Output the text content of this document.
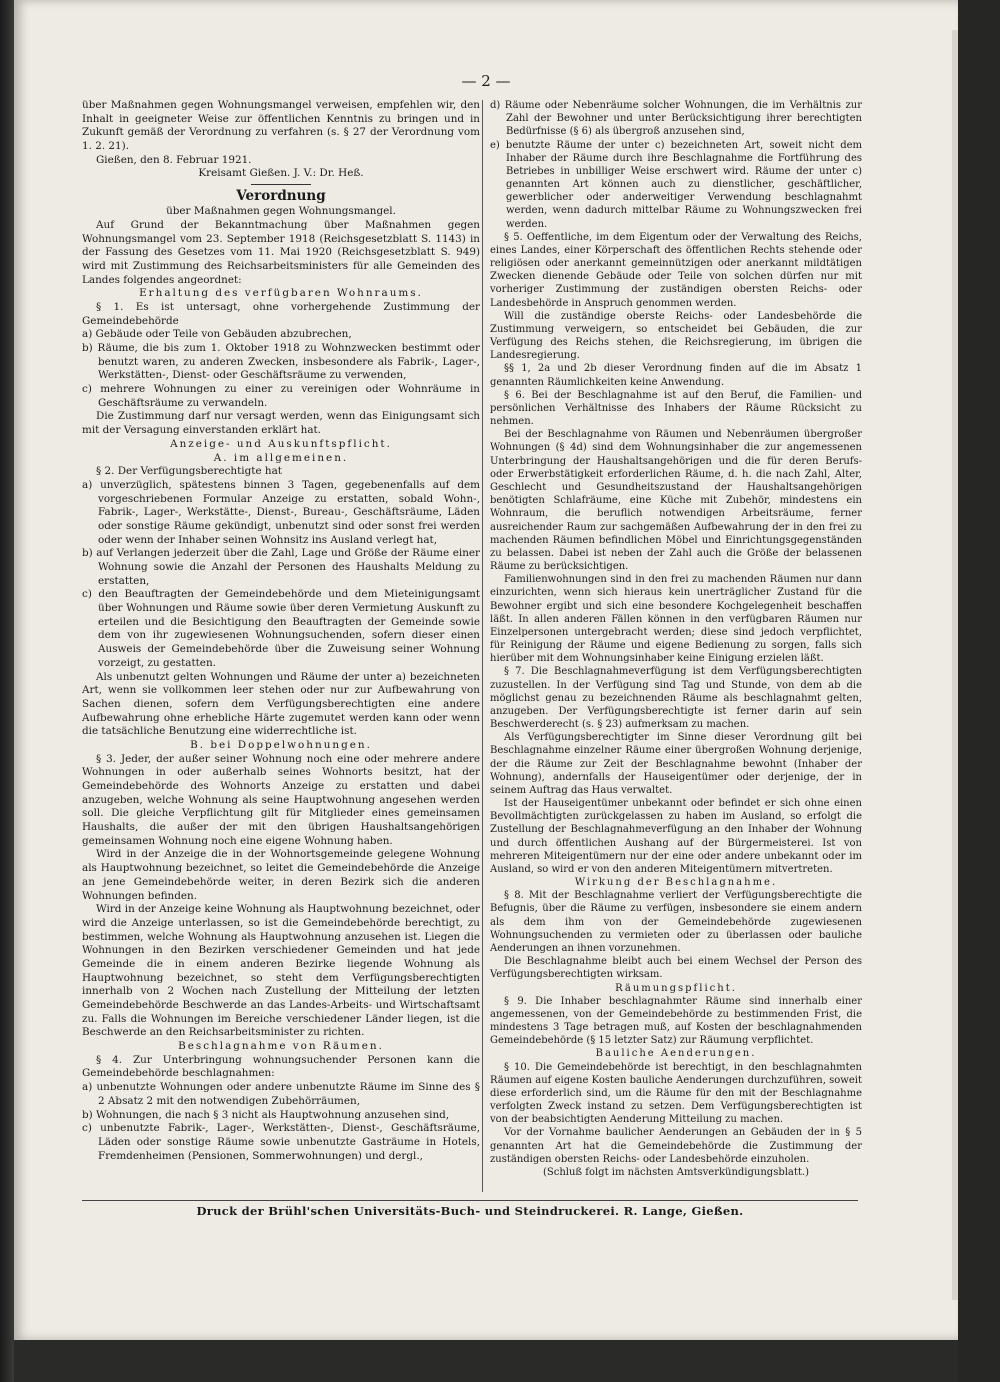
— 2 —

über Maßnahmen gegen Wohnungsmangel verweisen, empfehlen wir, den Inhalt in geeigneter Weise zur öffentlichen Kenntnis zu bringen und in Zukunft gemäß der Verordnung zu verfahren (s. § 27 der Verordnung vom 1. 2. 21).

Gießen, den 8. Februar 1921.

Kreisamt Gießen. J. V.: Dr. Heß.

Verordnung

über Maßnahmen gegen Wohnungsmangel.

Auf Grund der Bekanntmachung über Maßnahmen gegen Wohnungsmangel vom 23. September 1918 (Reichsgesetzblatt S. 1143) in der Fassung des Gesetzes vom 11. Mai 1920 (Reichsgesetzblatt S. 949) wird mit Zustimmung des Reichsarbeitsministers für alle Gemeinden des Landes folgendes angeordnet:

Erhaltung des verfügbaren Wohnraums.

§ 1. Es ist untersagt, ohne vorhergehende Zustimmung der Gemeindebehörde

a) Gebäude oder Teile von Gebäuden abzubrechen,

b) Räume, die bis zum 1. Oktober 1918 zu Wohnzwecken bestimmt oder benutzt waren, zu anderen Zwecken, insbesondere als Fabrik-, Lager-, Werkstätten-, Dienst- oder Geschäftsräume zu verwenden,

c) mehrere Wohnungen zu einer zu vereinigen oder Wohnräume in Geschäftsräume zu verwandeln.

Die Zustimmung darf nur versagt werden, wenn das Einigungsamt sich mit der Versagung einverstanden erklärt hat.

Anzeige- und Auskunftspflicht.

A. im allgemeinen.

§ 2. Der Verfügungsberechtigte hat

a) unverzüglich, spätestens binnen 3 Tagen, gegebenenfalls auf dem vorgeschriebenen Formular Anzeige zu erstatten, sobald Wohn-, Fabrik-, Lager-, Werkstätte-, Dienst-, Bureau-, Geschäftsräume, Läden oder sonstige Räume gekündigt, unbenutzt sind oder sonst frei werden oder wenn der Inhaber seinen Wohnsitz ins Ausland verlegt hat,

b) auf Verlangen jederzeit über die Zahl, Lage und Größe der Räume einer Wohnung sowie die Anzahl der Personen des Haushalts Meldung zu erstatten,

c) den Beauftragten der Gemeindebehörde und dem Mieteinigungsamt über Wohnungen und Räume sowie über deren Vermietung Auskunft zu erteilen und die Besichtigung den Beauftragten der Gemeinde sowie dem von ihr zugewiesenen Wohnungsuchenden, sofern dieser einen Ausweis der Gemeindebehörde über die Zuweisung seiner Wohnung vorzeigt, zu gestatten.

Als unbenutzt gelten Wohnungen und Räume der unter a) bezeichneten Art, wenn sie vollkommen leer stehen oder nur zur Aufbewahrung von Sachen dienen, sofern dem Verfügungsberechtigten eine andere Aufbewahrung ohne erhebliche Härte zugemutet werden kann oder wenn die tatsächliche Benutzung eine widerrechtliche ist.

B. bei Doppelwohnungen.

§ 3. Jeder, der außer seiner Wohnung noch eine oder mehrere andere Wohnungen in oder außerhalb seines Wohnorts besitzt, hat der Gemeindebehörde des Wohnorts Anzeige zu erstatten und dabei anzugeben, welche Wohnung als seine Hauptwohnung angesehen werden soll. Die gleiche Verpflichtung gilt für Mitglieder eines gemeinsamen Haushalts, die außer der mit den übrigen Haushaltsangehörigen gemeinsamen Wohnung noch eine eigene Wohnung haben.

Wird in der Anzeige die in der Wohnortsgemeinde gelegene Wohnung als Hauptwohnung bezeichnet, so leitet die Gemeindebehörde die Anzeige an jene Gemeindebehörde weiter, in deren Bezirk sich die anderen Wohnungen befinden.

Wird in der Anzeige keine Wohnung als Hauptwohnung bezeichnet, oder wird die Anzeige unterlassen, so ist die Gemeindebehörde berechtigt, zu bestimmen, welche Wohnung als Hauptwohnung anzusehen ist. Liegen die Wohnungen in den Bezirken verschiedener Gemeinden und hat jede Gemeinde die in einem anderen Bezirke liegende Wohnung als Hauptwohnung bezeichnet, so steht dem Verfügungsberechtigten innerhalb von 2 Wochen nach Zustellung der Mitteilung der letzten Gemeindebehörde Beschwerde an das Landes-Arbeits- und Wirtschaftsamt zu. Falls die Wohnungen im Bereiche verschiedener Länder liegen, ist die Beschwerde an den Reichsarbeitsminister zu richten.

Beschlagnahme von Räumen.

§ 4. Zur Unterbringung wohnungsuchender Personen kann die Gemeindebehörde beschlagnahmen:

a) unbenutzte Wohnungen oder andere unbenutzte Räume im Sinne des § 2 Absatz 2 mit den notwendigen Zubehörräumen,

b) Wohnungen, die nach § 3 nicht als Hauptwohnung anzusehen sind,

c) unbenutzte Fabrik-, Lager-, Werkstätten-, Dienst-, Geschäftsräume, Läden oder sonstige Räume sowie unbenutzte Gasträume in Hotels, Fremdenheimen (Pensionen, Sommerwohnungen) und dergl.,

d) Räume oder Nebenräume solcher Wohnungen, die im Verhältnis zur Zahl der Bewohner und unter Berücksichtigung ihrer berechtigten Bedürfnisse (§ 6) als übergroß anzusehen sind,

e) benutzte Räume der unter c) bezeichneten Art, soweit nicht dem Inhaber der Räume durch ihre Beschlagnahme die Fortführung des Betriebes in unbilliger Weise erschwert wird. Räume der unter c) genannten Art können auch zu dienstlicher, geschäftlicher, gewerblicher oder anderweitiger Verwendung beschlagnahmt werden, wenn dadurch mittelbar Räume zu Wohnungszwecken frei werden.

§ 5. Oeffentliche, im dem Eigentum oder der Verwaltung des Reichs, eines Landes, einer Körperschaft des öffentlichen Rechts stehende oder religiösen oder anerkannt gemeinnützigen oder anerkannt mildtätigen Zwecken dienende Gebäude oder Teile von solchen dürfen nur mit vorheriger Zustimmung der zuständigen obersten Reichs- oder Landesbehörde in Anspruch genommen werden.

Will die zuständige oberste Reichs- oder Landesbehörde die Zustimmung verweigern, so entscheidet bei Gebäuden, die zur Verfügung des Reichs stehen, die Reichsregierung, im übrigen die Landesregierung.

§§ 1, 2a und 2b dieser Verordnung finden auf die im Absatz 1 genannten Räumlichkeiten keine Anwendung.

§ 6. Bei der Beschlagnahme ist auf den Beruf, die Familien- und persönlichen Verhältnisse des Inhabers der Räume Rücksicht zu nehmen.

Bei der Beschlagnahme von Räumen und Nebenräumen übergroßer Wohnungen (§ 4d) sind dem Wohnungsinhaber die zur angemessenen Unterbringung der Haushaltsangehörigen und die für deren Berufs- oder Erwerbstätigkeit erforderlichen Räume, d. h. die nach Zahl, Alter, Geschlecht und Gesundheitszustand der Haushaltsangehörigen benötigten Schlafräume, eine Küche mit Zubehör, mindestens ein Wohnraum, die beruflich notwendigen Arbeitsräume, ferner ausreichender Raum zur sachgemäßen Aufbewahrung der in den frei zu machenden Räumen befindlichen Möbel und Einrichtungsgegenständen zu belassen. Dabei ist neben der Zahl auch die Größe der belassenen Räume zu berücksichtigen.

Familienwohnungen sind in den frei zu machenden Räumen nur dann einzurichten, wenn sich hieraus kein unerträglicher Zustand für die Bewohner ergibt und sich eine besondere Kochgelegenheit beschaffen läßt. In allen anderen Fällen können in den verfügbaren Räumen nur Einzelpersonen untergebracht werden; diese sind jedoch verpflichtet, für Reinigung der Räume und eigene Bedienung zu sorgen, falls sich hierüber mit dem Wohnungsinhaber keine Einigung erzielen läßt.

§ 7. Die Beschlagnahmeverfügung ist dem Verfügungsberechtigten zuzustellen. In der Verfügung sind Tag und Stunde, von dem ab die möglichst genau zu bezeichnenden Räume als beschlagnahmt gelten, anzugeben. Der Verfügungsberechtigte ist ferner darin auf sein Beschwerderecht (s. § 23) aufmerksam zu machen.

Als Verfügungsberechtigter im Sinne dieser Verordnung gilt bei Beschlagnahme einzelner Räume einer übergroßen Wohnung derjenige, der die Räume zur Zeit der Beschlagnahme bewohnt (Inhaber der Wohnung), andernfalls der Hauseigentümer oder derjenige, der in seinem Auftrag das Haus verwaltet.

Ist der Hauseigentümer unbekannt oder befindet er sich ohne einen Bevollmächtigten zurückgelassen zu haben im Ausland, so erfolgt die Zustellung der Beschlagnahmeverfügung an den Inhaber der Wohnung und durch öffentlichen Aushang auf der Bürgermeisterei. Ist von mehreren Miteigentümern nur der eine oder andere unbekannt oder im Ausland, so wird er von den anderen Miteigentümern mitvertreten.

Wirkung der Beschlagnahme.

§ 8. Mit der Beschlagnahme verliert der Verfügungsberechtigte die Befugnis, über die Räume zu verfügen, insbesondere sie einem andern als dem ihm von der Gemeindebehörde zugewiesenen Wohnungsuchenden zu vermieten oder zu überlassen oder bauliche Aenderungen an ihnen vorzunehmen.

Die Beschlagnahme bleibt auch bei einem Wechsel der Person des Verfügungsberechtigten wirksam.

Räumungspflicht.

§ 9. Die Inhaber beschlagnahmter Räume sind innerhalb einer angemessenen, von der Gemeindebehörde zu bestimmenden Frist, die mindestens 3 Tage betragen muß, auf Kosten der beschlagnahmenden Gemeindebehörde (§ 15 letzter Satz) zur Räumung verpflichtet.

Bauliche Aenderungen.

§ 10. Die Gemeindebehörde ist berechtigt, in den beschlagnahmten Räumen auf eigene Kosten bauliche Aenderungen durchzuführen, soweit diese erforderlich sind, um die Räume für den mit der Beschlagnahme verfolgten Zweck instand zu setzen. Dem Verfügungsberechtigten ist von der beabsichtigten Aenderung Mitteilung zu machen.

Vor der Vornahme baulicher Aenderungen an Gebäuden der in § 5 genannten Art hat die Gemeindebehörde die Zustimmung der zuständigen obersten Reichs- oder Landesbehörde einzuholen.

(Schluß folgt im nächsten Amtsverkündigungsblatt.)

Druck der Brühl'schen Universitäts-Buch- und Steindruckerei. R. Lange, Gießen.
